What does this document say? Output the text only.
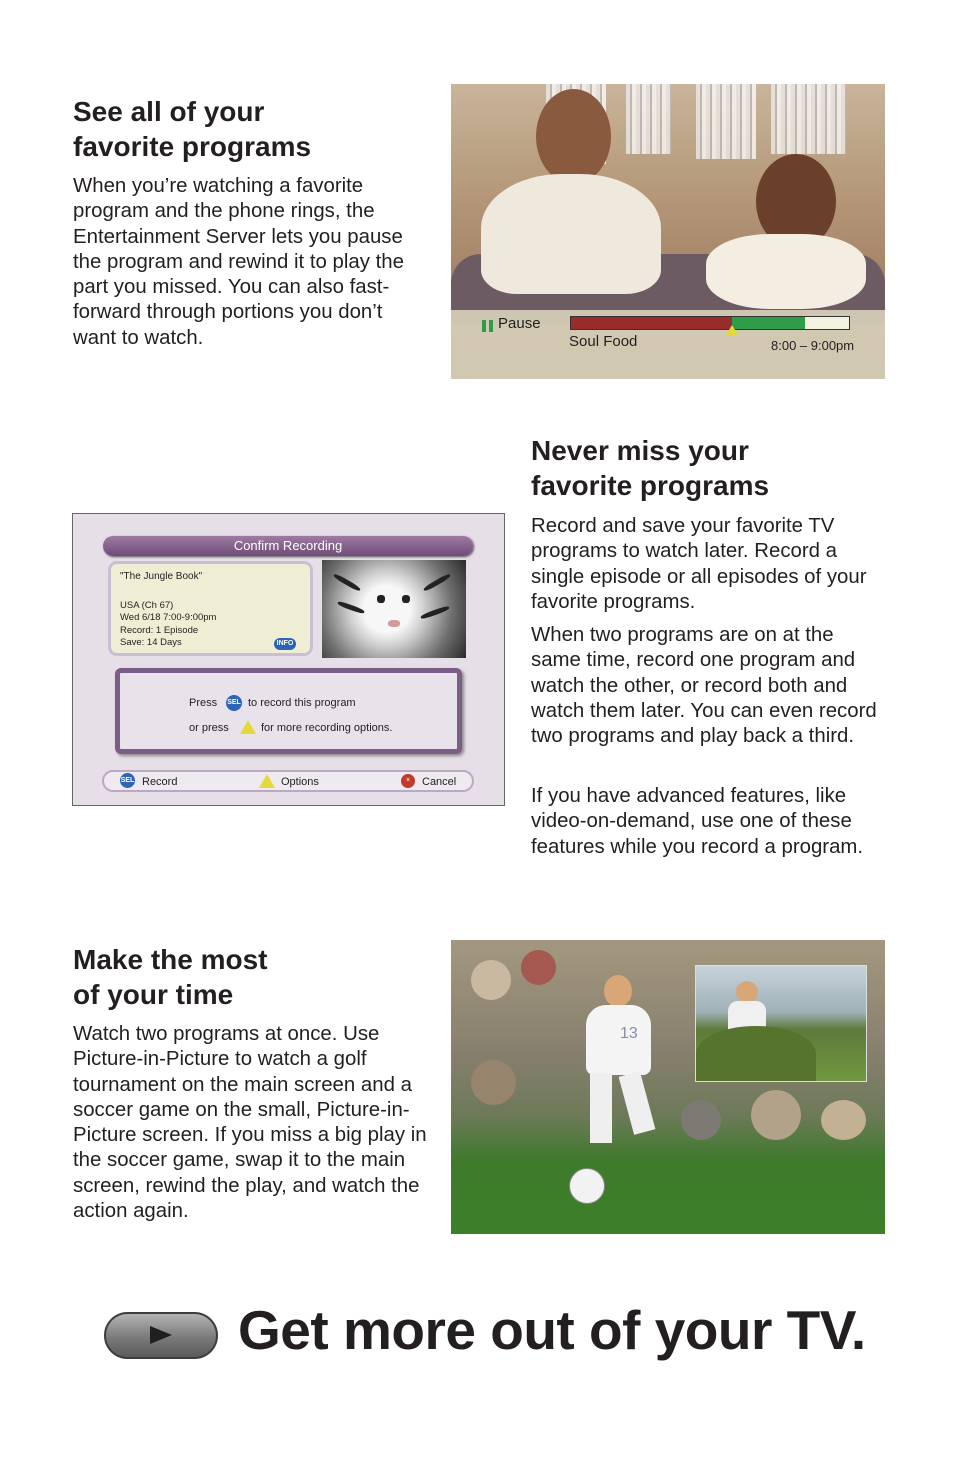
See all of your
favorite programs

When you’re watching a favorite program and the phone rings, the Entertainment Server lets you pause the program and rewind it to play the part you missed. You can also fast-forward through portions you don’t want to watch.

Pause
Soul Food	8:00 – 9:00pm
Never miss your
favorite programs

Record and save your favorite TV programs to watch later. Record a single episode or all episodes of your favorite programs.

When two programs are on at the same time, record one program and watch the other, or record both and watch them later. You can even record two programs and play back a third.

If you have advanced features, like video-on-demand, use one of these features while you record a program.

Confirm Recording
"The Jungle Book"
USA (Ch 67)
Wed 6/18 7:00-9:00pm
Record: 1 Episode
Save: 14 Days	INFO
Press SEL to record this program
or press	for more recording options.
SEL Record	Options	×	Cancel
Make the most
of your time

Watch two programs at once. Use Picture-in-Picture to watch a golf tournament on the main screen and a soccer game on the small, Picture-in-Picture screen. If you miss a big play in the soccer game, swap it to the main screen, rewind the play, and watch the action again.

13
Get more out of your TV.
